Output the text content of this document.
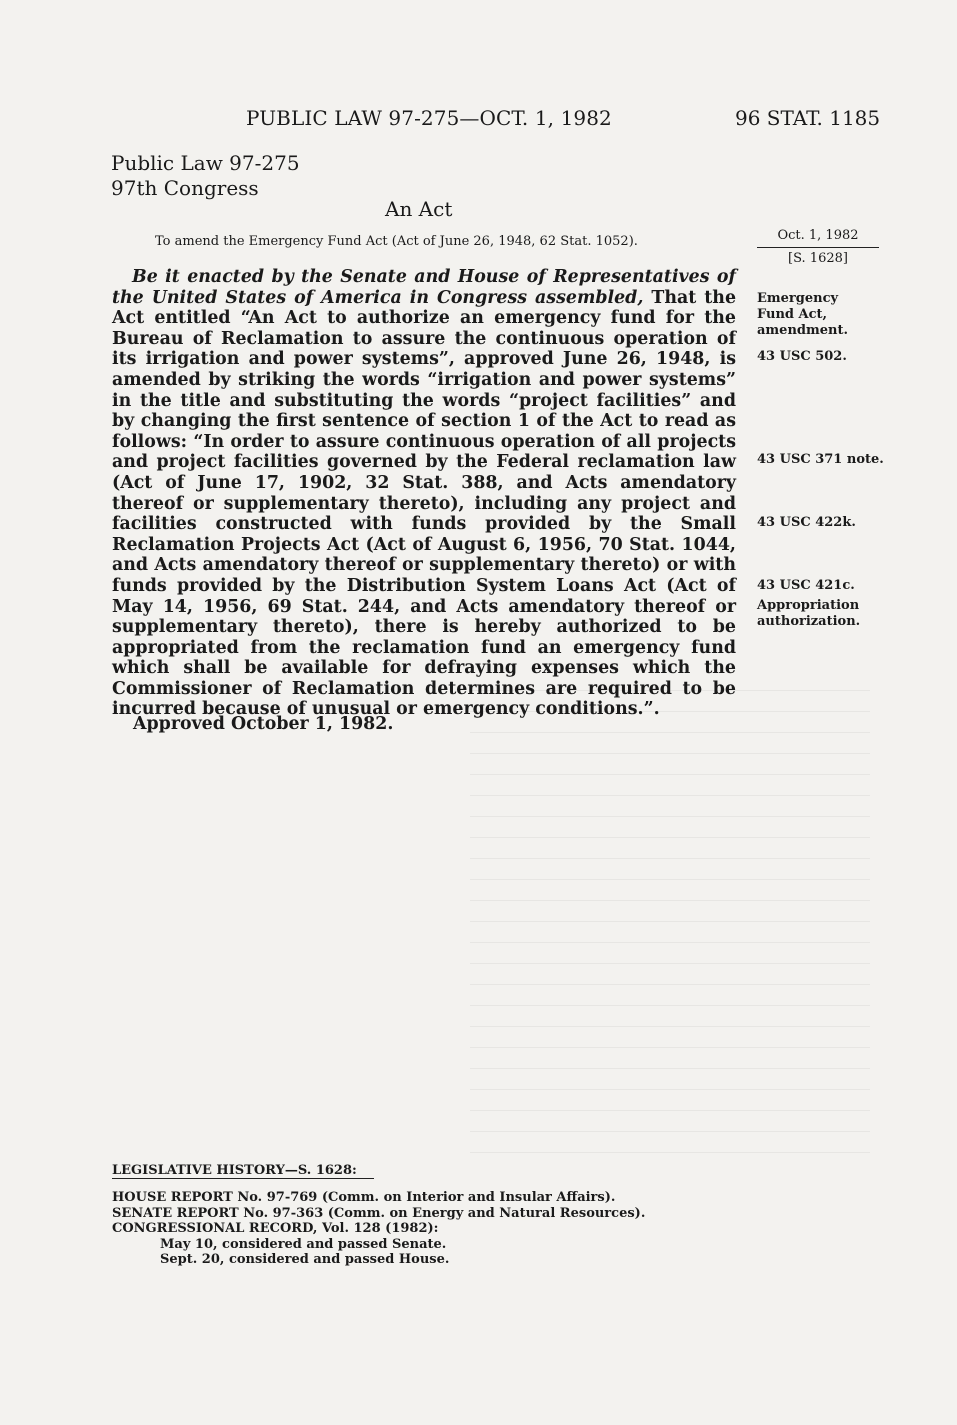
PUBLIC LAW 97-275—OCT. 1, 1982	96 STAT. 1185
Public Law 97-275
97th Congress
An Act
To amend the Emergency Fund Act (Act of June 26, 1948, 62 Stat. 1052).	Oct. 1, 1982
[S. 1628]

Be it enacted by the Senate and House of Representatives of the United States of America in Congress assembled, That the Act entitled “An Act to authorize an emergency fund for the Bureau of Reclamation to assure the continuous operation of its irrigation and power systems”, approved June 26, 1948, is amended by striking the words “irrigation and power systems” in the title and substituting the words “project facilities” and by changing the first sentence of section 1 of the Act to read as follows: “In order to assure continuous operation of all projects and project facilities governed by the Federal reclamation law (Act of June 17, 1902, 32 Stat. 388, and Acts amendatory thereof or supplementary thereto), including any project and facilities constructed with funds provided by the Small Reclamation Projects Act (Act of August 6, 1956, 70 Stat. 1044, and Acts amendatory thereof or supplementary thereto) or with funds provided by the Distribution System Loans Act (Act of May 14, 1956, 69 Stat. 244, and Acts amendatory thereof or supplementary thereto), there is hereby authorized to be appropriated from the reclamation fund an emergency fund which shall be available for defraying expenses which the Commissioner of Reclamation determines are required to be incurred because of unusual or emergency conditions.”.

Approved October 1, 1982.
Emergency
Fund Act,
amendment.
43 USC 502.
43 USC 371 note.
43 USC 422k.
43 USC 421c.
Appropriation
authorization.
LEGISLATIVE HISTORY—S. 1628:
HOUSE REPORT No. 97-769 (Comm. on Interior and Insular Affairs).
SENATE REPORT No. 97-363 (Comm. on Energy and Natural Resources).
CONGRESSIONAL RECORD, Vol. 128 (1982):
May 10, considered and passed Senate.
Sept. 20, considered and passed House.
